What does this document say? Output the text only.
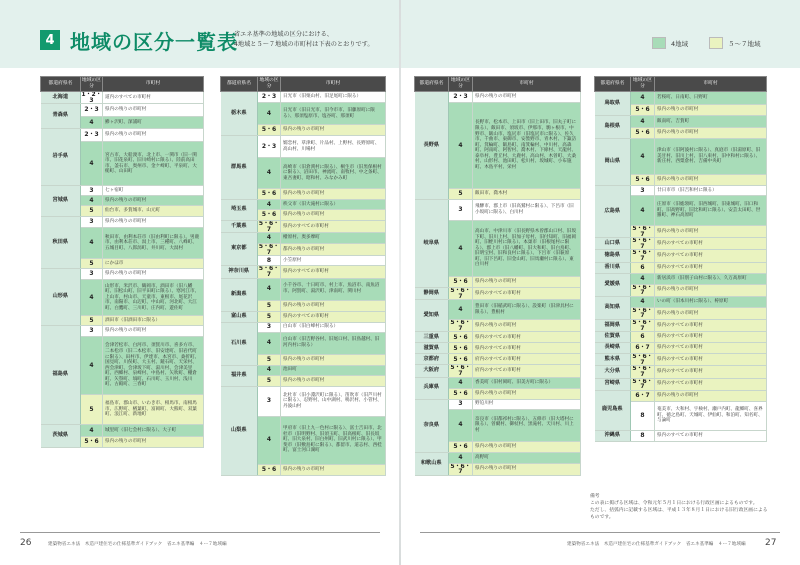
4 地域の区分一覧表
省エネ基準の地域の区分における、
4地域と５～７地域の市町村は下表のとおりです。	4地域	５～７地域
都道府県名	地域の区分	市町村
北海道	1・2・3	道内のすべての市町村
青森県	2・3	県内の残りの市町村
	4	鰺ヶ沢町、深浦町
岩手県	2・3	県内の残りの市町村
	4	宮古市、大船渡市、北上市、一関市（旧一関市、旧花泉町、旧川崎村に限る）、陸前高田市、釜石市、奥州市、金ケ崎町、平泉町、大槌町、山田町
宮城県	3	七ヶ宿町
	4	県内の残りの市町村
	5	仙台市、多賀城市、山元町
秋田県	3	県内の残りの市町村
	4	秋田市、由利本荘市（旧由利町に限る）、男鹿市、由利本荘市、潟上市、三種町、八峰町、五城目町、八郎潟町、井川町、大潟村
	5	にかほ市
山形県	3	県内の残りの市町村
	4	山形市、米沢市、鶴岡市、酒田市（旧八幡町、旧松山町、旧平田町に限る）、寒河江市、上山市、村山市、天童市、東根市、尾花沢市、南陽市、山辺町、中山町、河北町、大江町、白鷹町、三川町、庄内町、遊佐町
	5	酒田市（旧酒田市に限る）
福島県	3	県内の残りの市町村
	4	会津若松市、白河市、須賀川市、喜多方市、二本松市（旧二本松市、旧安達町、旧岩代町に限る）、田村市、伊達市、本宮市、桑折町、国見町、川俣町、大玉村、鏡石町、天栄村、西会津町、会津坂下町、湯川村、会津美里町、西郷村、泉崎村、中島村、矢吹町、棚倉町、矢祭町、塙町、石川町、玉川村、浅川町、古殿町、三春町
	5	福島市、郡山市、いわき市、相馬市、南相馬市、広野町、楢葉町、富岡町、大熊町、双葉町、浪江町、新地町
茨城県	4	城里町（旧七会村に限る）、大子町
	5・6	県内の残りの市町村
都道府県名	地域の区分	市町村
栃木県	2・3	日光市（旧栗山村、旧足尾町に限る）
	4	日光市（旧日光市、旧今市市、旧藤原町に限る）、那須塩原市、塩谷町、那須町
	5・6	県内の残りの市町村
群馬県	2・3	嬬恋村、草津町、片品村、上野村、長野原町、高山村、川場村
	4	高崎市（旧倉渕村に限る）、桐生市（旧黒保根村に限る）、沼田市、神流町、南牧村、中之条町、東吾妻町、昭和村、みなかみ町
	5・6	県内の残りの市町村
埼玉県	4	秩父市（旧大滝村に限る）
	5・6	県内の残りの市町村
千葉県	5・6・7	県内のすべての市町村
東京都	4	檜原村、奥多摩町
	5・6・7	都内の残りの市町村
	8	小笠原村
神奈川県	5・6・7	県内のすべての市町村
新潟県	4	小千谷市、十日町市、村上市、魚沼市、南魚沼市、阿賀町、湯沢町、津南町、関川村
	5	県内の残りの市町村
富山県	5	県内のすべての市町村
石川県	3	白山市（旧白峰村に限る）
	4	白山市（旧吉野谷村、旧尾口村、旧鳥越村、旧河内村に限る）
	5	県内の残りの市町村
福井県	4	池田町
	5	県内の残りの市町村
山梨県	3	北杜市（旧小淵沢町に限る）、笛吹市（旧芦川村に限る）、忍野村、山中湖村、鳴沢村、小菅村、丹波山村
	4	甲府市（旧上九一色村に限る）、富士吉田市、北杜市（旧明野村、旧須玉町、旧高根町、旧長坂町、旧大泉村、旧白州町、旧武川村に限る）、甲斐市（旧敷島町に限る）、都留市、道志村、西桂町、富士河口湖町
	5・6	県内の残りの市町村
都道府県名	地域の区分	市町村
長野県	2・3	県内の残りの市町村
	4	長野市、松本市、上田市（旧上田市、旧丸子町に限る）、飯田市、須坂市、伊那市、駒ヶ根市、中野市、飯山市、塩尻市（旧塩尻市に限る）、佐久市、千曲市、東御市、安曇野市、青木村、下諏訪町、箕輪町、飯島町、南箕輪村、中川村、高森町、阿南町、阿智村、喬木村、下條村、天龍村、泰阜村、豊丘村、大鹿村、高山村、木曽町、大桑村、山形村、池田町、松川村、坂城町、小布施町、木島平村、栄村
	5	飯田市、喬木村
岐阜県	3	飛騨市、郡上市（旧高鷲村に限る）、下呂市（旧小坂町に限る）、白川村
	4	高山市、中津川市（旧長野県木曽郡山口村、旧坂下町、旧川上村、旧加子母村、旧付知町、旧福岡町、旧蛭川村に限る）、本巣市（旧根尾村に限る）、郡上市（旧八幡町、旧大和町、旧白鳥町、旧明宝村、旧和良村に限る）、下呂市（旧萩原町、旧下呂町、旧金山町、旧馬瀬村に限る）、東白川村
	5・6	県内の残りの市町村
静岡県	5・6・7	県内のすべての市町村
愛知県	4	豊田市（旧稲武町に限る）、設楽町（旧津具村に限る）、豊根村
	5・6・7	県内の残りの市町村
三重県	5・6	県内のすべての市町村
滋賀県	5・6	県内のすべての市町村
京都府	5・6	府内のすべての市町村
大阪府	5・6・7	府内のすべての市町村
兵庫県	4	香美町（旧村岡町、旧美方町に限る）
	5・6	県内の残りの市町村
奈良県	3	野迫川村
	4	奈良市（旧都祁村に限る）、五條市（旧大塔村に限る）、曽爾村、御杖村、黒滝村、天川村、川上村
	5・6	県内の残りの市町村
和歌山県	4	高野町
	5・6・7	県内の残りの市町村
都道府県名	地域の区分	市町村
鳥取県	4	若桜町、日南町、日野町
	5・6	県内の残りの市町村
島根県	4	飯南町、吉賀町
	5・6	県内の残りの市町村
岡山県	4	津山市（旧阿波村に限る）、真庭市（旧湯原町、旧美甘村、旧川上村、旧八束村、旧中和村に限る）、新庄村、西粟倉村、吉備中央町
	5・6	県内の残りの市町村
広島県	3	廿日市市（旧吉和村に限る）
	4	庄原市（旧総領町、旧西城町、旧東城町、旧口和町、旧高野町、旧比和町に限る）、安芸太田町、世羅町、神石高原町
	5・6・7	県内の残りの市町村
山口県	5・6・7	県内のすべての市町村
徳島県	5・6・7	県内のすべての市町村
香川県	6	県内のすべての市町村
愛媛県	4	新居浜市（旧別子山村に限る）、久万高原町
	5・6・7	県内の残りの市町村
高知県	4	いの町（旧本川村に限る）、梼原町
	5・6・7	県内の残りの市町村
福岡県	5・6・7	県内のすべての市町村
佐賀県	6	県内のすべての市町村
長崎県	6・7	県内のすべての市町村
熊本県	5・6・7	県内のすべての市町村
大分県	5・6・7	県内のすべての市町村
宮崎県	5・6・7	県内のすべての市町村
鹿児島県	6・7	県内の残りの市町村
	8	奄美市、大和村、宇検村、瀬戸内町、龍郷町、喜界町、徳之島町、天城町、伊仙町、和泊町、知名町、与論町
沖縄県	8	県内のすべての市町村
備考
この表に掲げる区域は、令和元年５月１日における行政区画によるものです。
ただし、括弧内に記載する区域は、平成１３年８月１日における旧行政区画によるものです。
26	建築物省エネ法　木造戸建住宅の仕様基準ガイドブック　省エネ基準編　４ー７地域編	建築物省エネ法　木造戸建住宅の仕様基準ガイドブック　省エネ基準編　４ー７地域編 27
